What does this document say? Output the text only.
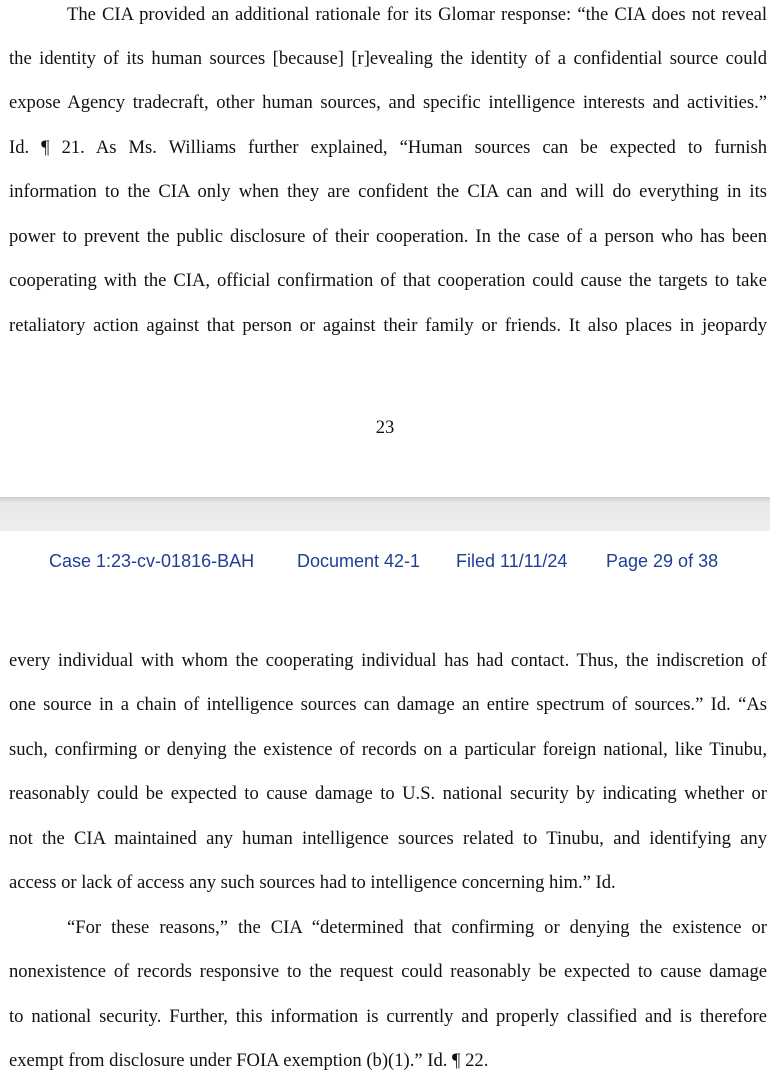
The CIA provided an additional rationale for its Glomar response: “the CIA does not reveal
the identity of its human sources [because] [r]evealing the identity of a confidential source could
expose Agency tradecraft, other human sources, and specific intelligence interests and activities.”
Id. ¶ 21. As Ms. Williams further explained, “Human sources can be expected to furnish
information to the CIA only when they are confident the CIA can and will do everything in its
power to prevent the public disclosure of their cooperation. In the case of a person who has been
cooperating with the CIA, official confirmation of that cooperation could cause the targets to take
retaliatory action against that person or against their family or friends. It also places in jeopardy
23
Case 1:23-cv-01816-BAH Document 42-1 Filed 11/11/24 Page 29 of 38
every individual with whom the cooperating individual has had contact. Thus, the indiscretion of
one source in a chain of intelligence sources can damage an entire spectrum of sources.” Id. “As
such, confirming or denying the existence of records on a particular foreign national, like Tinubu,
reasonably could be expected to cause damage to U.S. national security by indicating whether or
not the CIA maintained any human intelligence sources related to Tinubu, and identifying any
access or lack of access any such sources had to intelligence concerning him.” Id.
“For these reasons,” the CIA “determined that confirming or denying the existence or
nonexistence of records responsive to the request could reasonably be expected to cause damage
to national security. Further, this information is currently and properly classified and is therefore
exempt from disclosure under FOIA exemption (b)(1).” Id. ¶ 22.
